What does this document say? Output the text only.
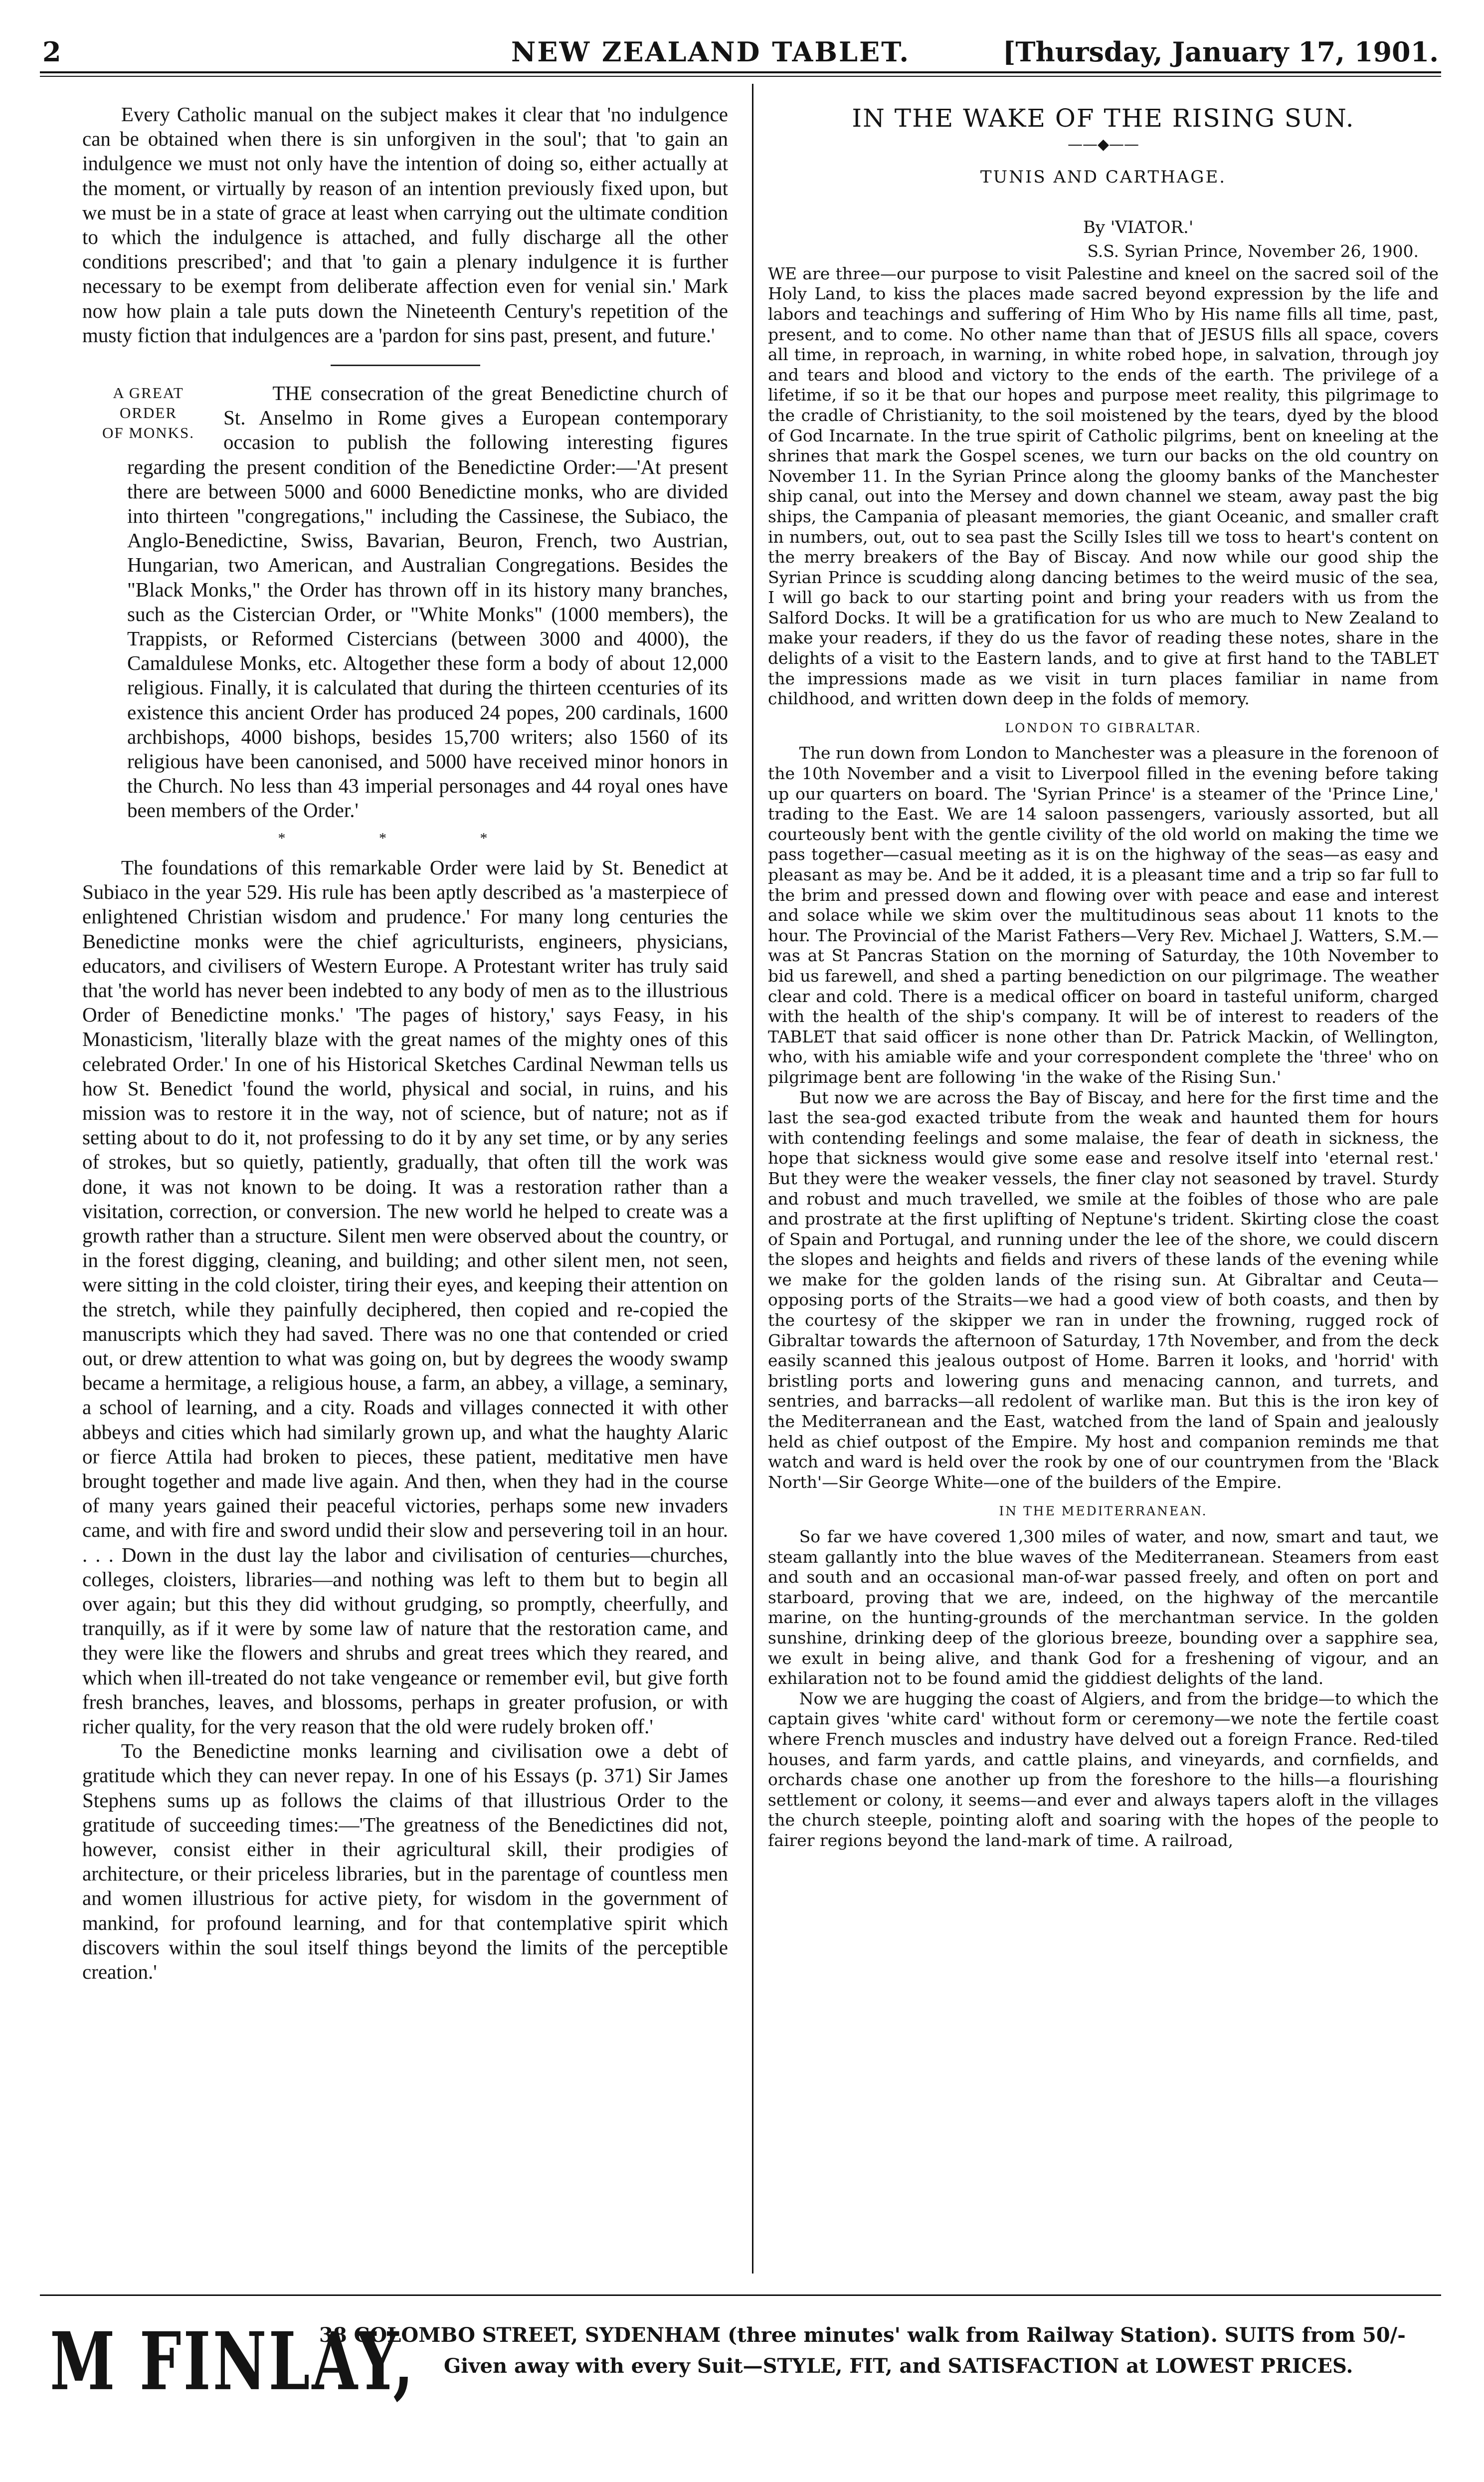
2	NEW ZEALAND TABLET.	[Thursday, January 17, 1901.

Every Catholic manual on the subject makes it clear that 'no indulgence can be obtained when there is sin unforgiven in the soul'; that 'to gain an indulgence we must not only have the intention of doing so, either actually at the moment, or virtually by reason of an intention previously fixed upon, but we must be in a state of grace at least when carrying out the ultimate condition to which the indulgence is attached, and fully discharge all the other conditions prescribed'; and that 'to gain a plenary indulgence it is further necessary to be exempt from deliberate affection even for venial sin.' Mark now how plain a tale puts down the Nineteenth Century's repetition of the musty fiction that indulgences are a 'pardon for sins past, present, and future.'

A GREAT ORDER
OF MONKS.
THE consecration of the great Benedictine church of St. Anselmo in Rome gives a European contemporary occasion to publish the following interesting figures regarding the present condition of the Benedictine Order:—'At present there are between 5000 and 6000 Benedictine monks, who are divided into thirteen "congregations," including the Cassinese, the Subiaco, the Anglo-Benedictine, Swiss, Bavarian, Beuron, French, two Austrian, Hungarian, two American, and Australian Congregations. Besides the "Black Monks," the Order has thrown off in its history many branches, such as the Cistercian Order, or "White Monks" (1000 members), the Trappists, or Reformed Cistercians (between 3000 and 4000), the Camaldulese Monks, etc. Altogether these form a body of about 12,000 religious. Finally, it is calculated that during the thirteen ccenturies of its existence this ancient Order has produced 24 popes, 200 cardinals, 1600 archbishops, 4000 bishops, besides 15,700 writers; also 1560 of its religious have been canonised, and 5000 have received minor honors in the Church. No less than 43 imperial personages and 44 royal ones have been members of the Order.'

* * *

The foundations of this remarkable Order were laid by St. Benedict at Subiaco in the year 529. His rule has been aptly described as 'a masterpiece of enlightened Christian wisdom and prudence.' For many long centuries the Benedictine monks were the chief agriculturists, engineers, physicians, educators, and civilisers of Western Europe. A Protestant writer has truly said that 'the world has never been indebted to any body of men as to the illustrious Order of Benedictine monks.' 'The pages of history,' says Feasy, in his Monasticism, 'literally blaze with the great names of the mighty ones of this celebrated Order.' In one of his Historical Sketches Cardinal Newman tells us how St. Benedict 'found the world, physical and social, in ruins, and his mission was to restore it in the way, not of science, but of nature; not as if setting about to do it, not professing to do it by any set time, or by any series of strokes, but so quietly, patiently, gradually, that often till the work was done, it was not known to be doing. It was a restoration rather than a visitation, correction, or conversion. The new world he helped to create was a growth rather than a structure. Silent men were observed about the country, or in the forest digging, cleaning, and building; and other silent men, not seen, were sitting in the cold cloister, tiring their eyes, and keeping their attention on the stretch, while they painfully deciphered, then copied and re-copied the manuscripts which they had saved. There was no one that contended or cried out, or drew attention to what was going on, but by degrees the woody swamp became a hermitage, a religious house, a farm, an abbey, a village, a seminary, a school of learning, and a city. Roads and villages connected it with other abbeys and cities which had similarly grown up, and what the haughty Alaric or fierce Attila had broken to pieces, these patient, meditative men have brought together and made live again. And then, when they had in the course of many years gained their peaceful victories, perhaps some new invaders came, and with fire and sword undid their slow and persevering toil in an hour. . . . Down in the dust lay the labor and civilisation of centuries—churches, colleges, cloisters, libraries—and nothing was left to them but to begin all over again; but this they did without grudging, so promptly, cheerfully, and tranquilly, as if it were by some law of nature that the restoration came, and they were like the flowers and shrubs and great trees which they reared, and which when ill-treated do not take vengeance or remember evil, but give forth fresh branches, leaves, and blossoms, perhaps in greater profusion, or with richer quality, for the very reason that the old were rudely broken off.'

To the Benedictine monks learning and civilisation owe a debt of gratitude which they can never repay. In one of his Essays (p. 371) Sir James Stephens sums up as follows the claims of that illustrious Order to the gratitude of succeeding times:—'The greatness of the Benedictines did not, however, consist either in their agricultural skill, their prodigies of architecture, or their priceless libraries, but in the parentage of countless men and women illustrious for active piety, for wisdom in the government of mankind, for profound learning, and for that contemplative spirit which discovers within the soul itself things beyond the limits of the perceptible creation.'

IN THE WAKE OF THE RISING SUN.
——◆——
TUNIS AND CARTHAGE.
By 'VIATOR.'
S.S. Syrian Prince, November 26, 1900.

WE are three—our purpose to visit Palestine and kneel on the sacred soil of the Holy Land, to kiss the places made sacred beyond expression by the life and labors and teachings and suffering of Him Who by His name fills all time, past, present, and to come. No other name than that of JESUS fills all space, covers all time, in reproach, in warning, in white robed hope, in salvation, through joy and tears and blood and victory to the ends of the earth. The privilege of a lifetime, if so it be that our hopes and purpose meet reality, this pilgrimage to the cradle of Christianity, to the soil moistened by the tears, dyed by the blood of God Incarnate. In the true spirit of Catholic pilgrims, bent on kneeling at the shrines that mark the Gospel scenes, we turn our backs on the old country on November 11. In the Syrian Prince along the gloomy banks of the Manchester ship canal, out into the Mersey and down channel we steam, away past the big ships, the Campania of pleasant memories, the giant Oceanic, and smaller craft in numbers, out, out to sea past the Scilly Isles till we toss to heart's content on the merry breakers of the Bay of Biscay. And now while our good ship the Syrian Prince is scudding along dancing betimes to the weird music of the sea, I will go back to our starting point and bring your readers with us from the Salford Docks. It will be a gratification for us who are much to New Zealand to make your readers, if they do us the favor of reading these notes, share in the delights of a visit to the Eastern lands, and to give at first hand to the TABLET the impressions made as we visit in turn places familiar in name from childhood, and written down deep in the folds of memory.

LONDON TO GIBRALTAR.

The run down from London to Manchester was a pleasure in the forenoon of the 10th November and a visit to Liverpool filled in the evening before taking up our quarters on board. The 'Syrian Prince' is a steamer of the 'Prince Line,' trading to the East. We are 14 saloon passengers, variously assorted, but all courteously bent with the gentle civility of the old world on making the time we pass together—casual meeting as it is on the highway of the seas—as easy and pleasant as may be. And be it added, it is a pleasant time and a trip so far full to the brim and pressed down and flowing over with peace and ease and interest and solace while we skim over the multitudinous seas about 11 knots to the hour. The Provincial of the Marist Fathers—Very Rev. Michael J. Watters, S.M.—was at St Pancras Station on the morning of Saturday, the 10th November to bid us farewell, and shed a parting benediction on our pilgrimage. The weather clear and cold. There is a medical officer on board in tasteful uniform, charged with the health of the ship's company. It will be of interest to readers of the TABLET that said officer is none other than Dr. Patrick Mackin, of Wellington, who, with his amiable wife and your correspondent complete the 'three' who on pilgrimage bent are following 'in the wake of the Rising Sun.'

But now we are across the Bay of Biscay, and here for the first time and the last the sea-god exacted tribute from the weak and haunted them for hours with contending feelings and some malaise, the fear of death in sickness, the hope that sickness would give some ease and resolve itself into 'eternal rest.' But they were the weaker vessels, the finer clay not seasoned by travel. Sturdy and robust and much travelled, we smile at the foibles of those who are pale and prostrate at the first uplifting of Neptune's trident. Skirting close the coast of Spain and Portugal, and running under the lee of the shore, we could discern the slopes and heights and fields and rivers of these lands of the evening while we make for the golden lands of the rising sun. At Gibraltar and Ceuta—opposing ports of the Straits—we had a good view of both coasts, and then by the courtesy of the skipper we ran in under the frowning, rugged rock of Gibraltar towards the afternoon of Saturday, 17th November, and from the deck easily scanned this jealous outpost of Home. Barren it looks, and 'horrid' with bristling ports and lowering guns and menacing cannon, and turrets, and sentries, and barracks—all redolent of warlike man. But this is the iron key of the Mediterranean and the East, watched from the land of Spain and jealously held as chief outpost of the Empire. My host and companion reminds me that watch and ward is held over the rook by one of our countrymen from the 'Black North'—Sir George White—one of the builders of the Empire.

IN THE MEDITERRANEAN.

So far we have covered 1,300 miles of water, and now, smart and taut, we steam gallantly into the blue waves of the Mediterranean. Steamers from east and south and an occasional man-of-war passed freely, and often on port and starboard, proving that we are, indeed, on the highway of the mercantile marine, on the hunting-grounds of the merchantman service. In the golden sunshine, drinking deep of the glorious breeze, bounding over a sapphire sea, we exult in being alive, and thank God for a freshening of vigour, and an exhilaration not to be found amid the giddiest delights of the land.

Now we are hugging the coast of Algiers, and from the bridge—to which the captain gives 'white card' without form or ceremony—we note the fertile coast where French muscles and industry have delved out a foreign France. Red-tiled houses, and farm yards, and cattle plains, and vineyards, and cornfields, and orchards chase one another up from the foreshore to the hills—a flourishing settlement or colony, it seems—and ever and always tapers aloft in the villages the church steeple, pointing aloft and soaring with the hopes of the people to fairer regions beyond the land-mark of time. A railroad,

M FINLAY,
38 COLOMBO STREET, SYDENHAM (three minutes' walk from Railway Station). SUITS from 50/-
Given away with every Suit—STYLE, FIT, and SATISFACTION at LOWEST PRICES.
